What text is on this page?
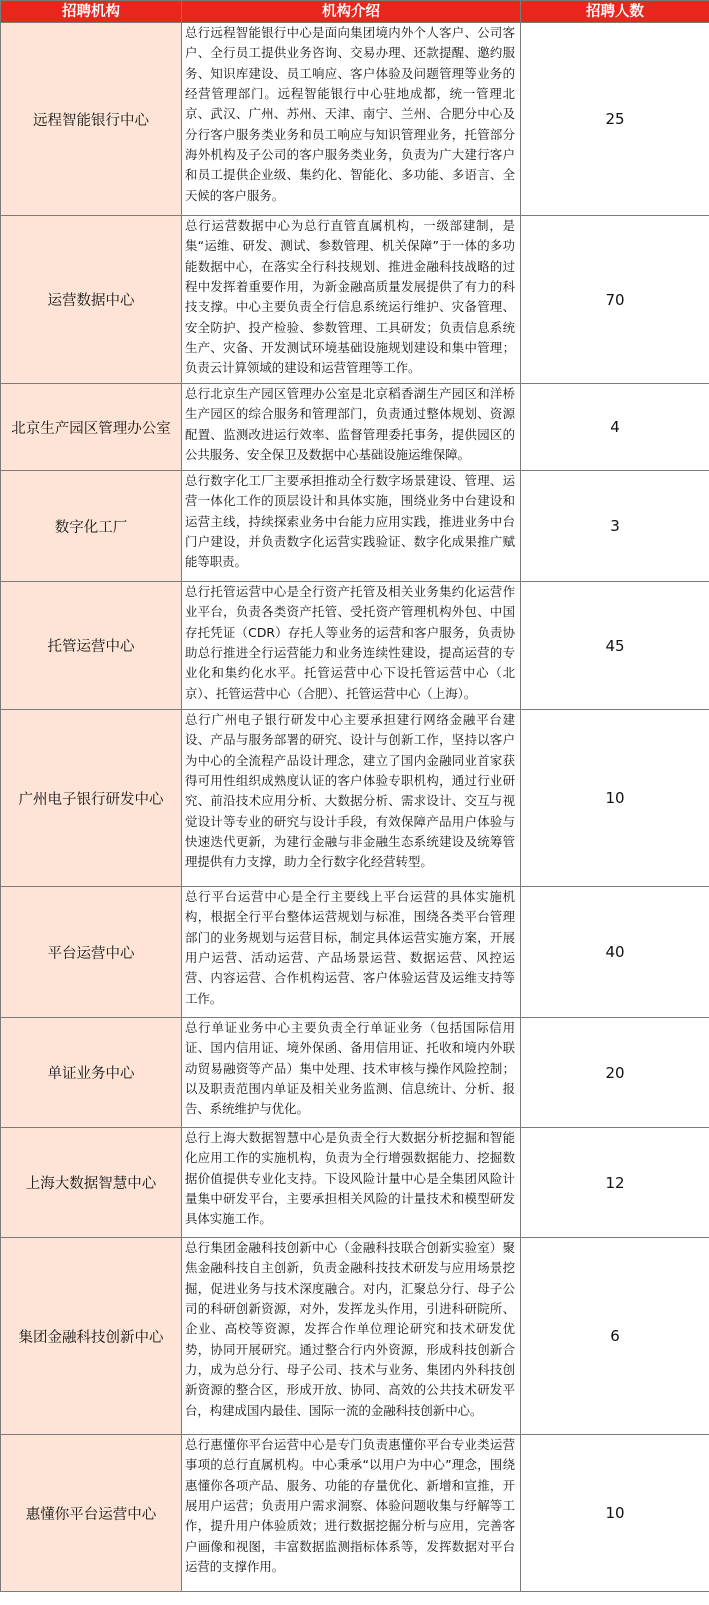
招聘机构	机构介绍	招聘人数
远程智能银行中心	总行远程智能银行中心是面向集团境内外个人客户、公司客户、全行员工提供业务咨询、交易办理、还款提醒、邀约服务、知识库建设、员工响应、客户体验及问题管理等业务的经营管理部门。远程智能银行中心驻地成都，统一管理北京、武汉、广州、苏州、天津、南宁、兰州、合肥分中心及分行客户服务类业务和员工响应与知识管理业务，托管部分海外机构及子公司的客户服务类业务，负责为广大建行客户和员工提供企业级、集约化、智能化、多功能、多语言、全天候的客户服务。	25
运营数据中心	总行运营数据中心为总行直管直属机构，一级部建制，是集“运维、研发、测试、参数管理、机关保障”于一体的多功能数据中心，在落实全行科技规划、推进金融科技战略的过程中发挥着重要作用，为新金融高质量发展提供了有力的科技支撑。中心主要负责全行信息系统运行维护、灾备管理、安全防护、投产检验、参数管理、工具研发；负责信息系统生产、灾备、开发测试环境基础设施规划建设和集中管理；负责云计算领域的建设和运营管理等工作。	70
北京生产园区管理办公室	总行北京生产园区管理办公室是北京稻香湖生产园区和洋桥生产园区的综合服务和管理部门，负责通过整体规划、资源配置、监测改进运行效率、监督管理委托事务，提供园区的公共服务、安全保卫及数据中心基础设施运维保障。	4
数字化工厂	总行数字化工厂主要承担推动全行数字场景建设、管理、运营一体化工作的顶层设计和具体实施，围绕业务中台建设和运营主线，持续探索业务中台能力应用实践，推进业务中台门户建设，并负责数字化运营实践验证、数字化成果推广赋能等职责。	3
托管运营中心	总行托管运营中心是全行资产托管及相关业务集约化运营作业平台，负责各类资产托管、受托资产管理机构外包、中国存托凭证（CDR）存托人等业务的运营和客户服务，负责协助总行推进全行运营能力和业务连续性建设，提高运营的专业化和集约化水平。托管运营中心下设托管运营中心（北京）、托管运营中心（合肥）、托管运营中心（上海）。	45
广州电子银行研发中心	总行广州电子银行研发中心主要承担建行网络金融平台建设、产品与服务部署的研究、设计与创新工作，坚持以客户为中心的全流程产品设计理念，建立了国内金融同业首家获得可用性组织成熟度认证的客户体验专职机构，通过行业研究、前沿技术应用分析、大数据分析、需求设计、交互与视觉设计等专业的研究与设计手段，有效保障产品用户体验与快速迭代更新，为建行金融与非金融生态系统建设及统筹管理提供有力支撑，助力全行数字化经营转型。	10
平台运营中心	总行平台运营中心是全行主要线上平台运营的具体实施机构，根据全行平台整体运营规划与标准，围绕各类平台管理部门的业务规划与运营目标，制定具体运营实施方案，开展用户运营、活动运营、产品场景运营、数据运营、风控运营、内容运营、合作机构运营、客户体验运营及运维支持等工作。	40
单证业务中心	总行单证业务中心主要负责全行单证业务（包括国际信用证、国内信用证、境外保函、备用信用证、托收和境内外联动贸易融资等产品）集中处理、技术审核与操作风险控制；以及职责范围内单证及相关业务监测、信息统计、分析、报告、系统维护与优化。	20
上海大数据智慧中心	总行上海大数据智慧中心是负责全行大数据分析挖掘和智能化应用工作的实施机构，负责为全行增强数据能力、挖掘数据价值提供专业化支持。下设风险计量中心是全集团风险计量集中研发平台，主要承担相关风险的计量技术和模型研发具体实施工作。	12
集团金融科技创新中心	总行集团金融科技创新中心（金融科技联合创新实验室）聚焦金融科技自主创新，负责金融科技技术研发与应用场景挖掘，促进业务与技术深度融合。对内，汇聚总分行、母子公司的科研创新资源，对外，发挥龙头作用，引进科研院所、企业、高校等资源，发挥合作单位理论研究和技术研发优势，协同开展研究。通过整合行内外资源，形成科技创新合力，成为总分行、母子公司、技术与业务、集团内外科技创新资源的整合区，形成开放、协同、高效的公共技术研发平台，构建成国内最佳、国际一流的金融科技创新中心。	6
惠懂你平台运营中心	总行惠懂你平台运营中心是专门负责惠懂你平台专业类运营事项的总行直属机构。中心秉承“以用户为中心”理念，围绕惠懂你各项产品、服务、功能的存量优化、新增和宣推，开展用户运营；负责用户需求洞察、体验问题收集与纾解等工作，提升用户体验质效；进行数据挖掘分析与应用，完善客户画像和视图，丰富数据监测指标体系等，发挥数据对平台运营的支撑作用。	10
